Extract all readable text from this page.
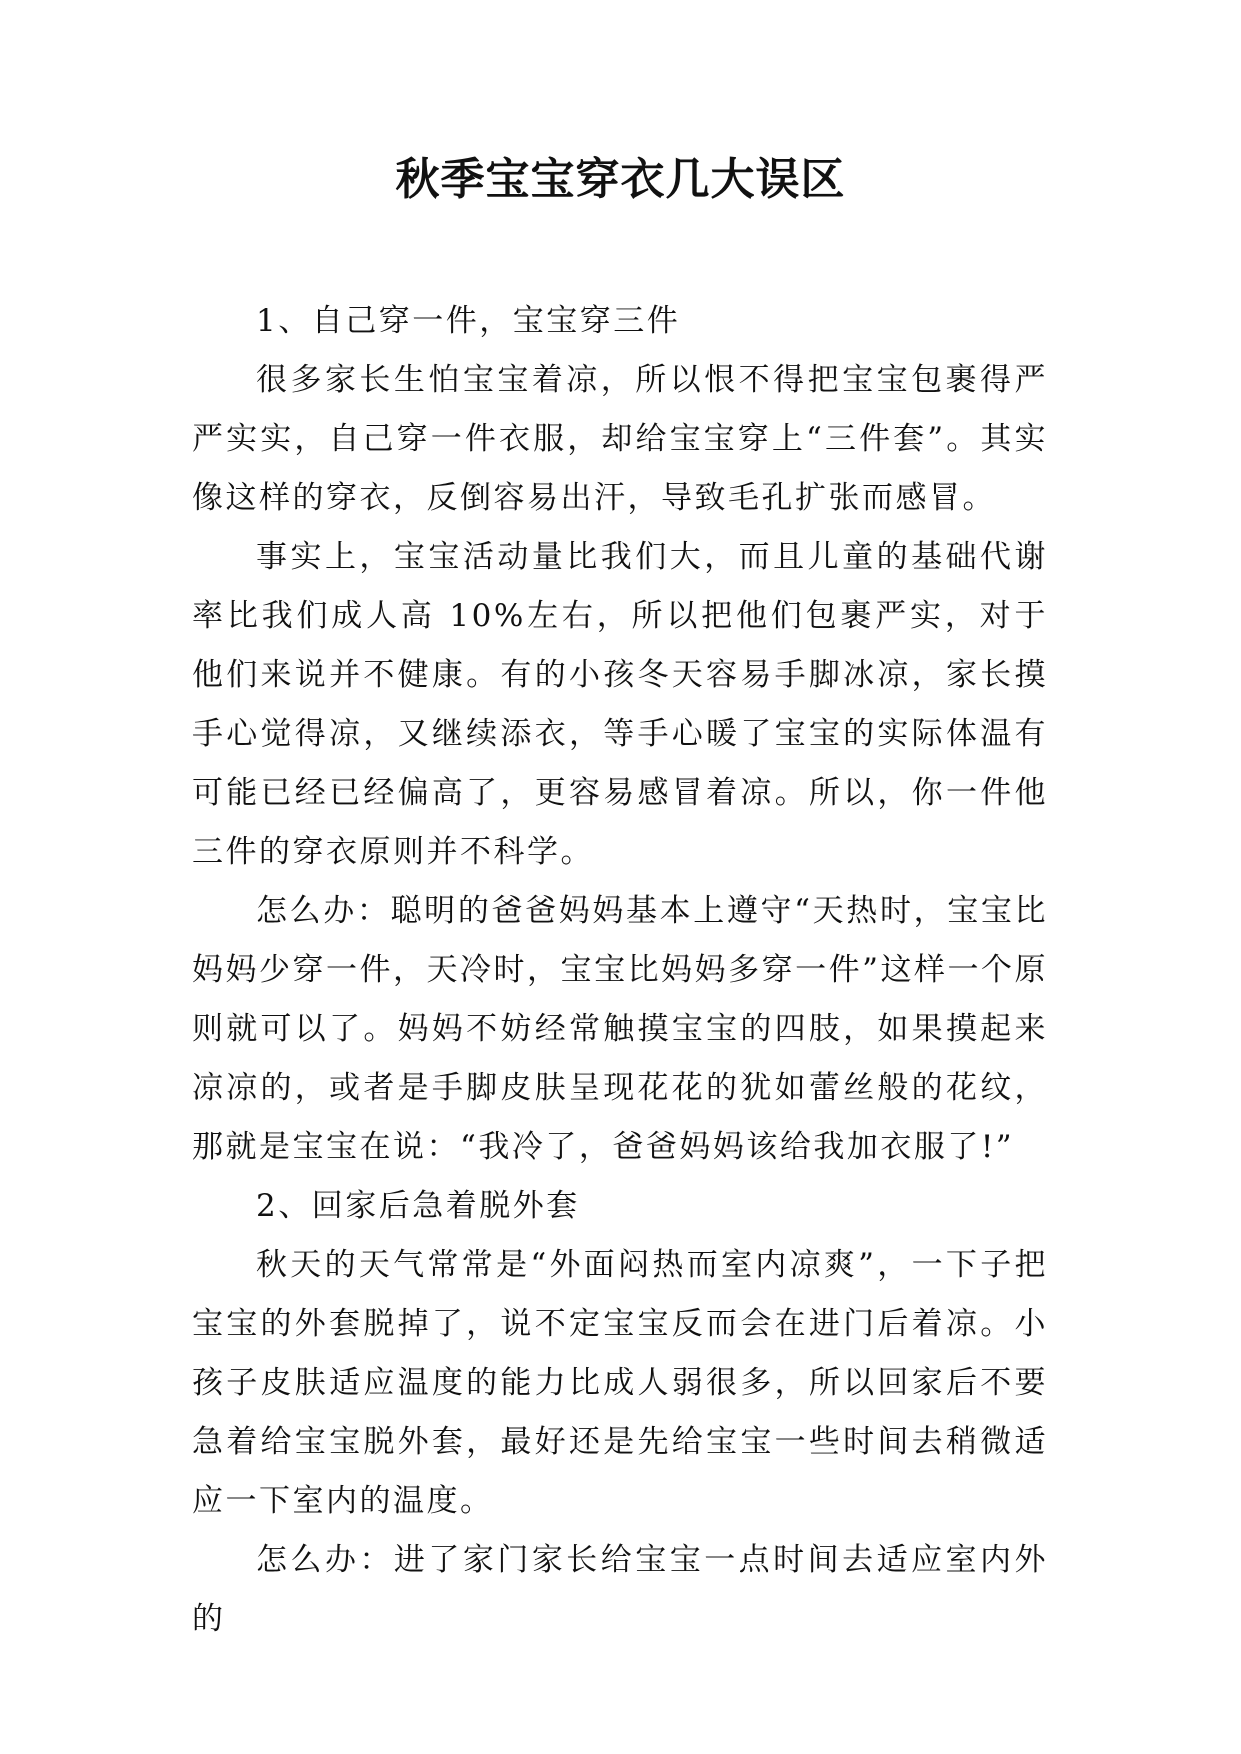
秋季宝宝穿衣几大误区

1、自己穿一件，宝宝穿三件

很多家长生怕宝宝着凉，所以恨不得把宝宝包裹得严严实实，自己穿一件衣服，却给宝宝穿上“三件套”。其实像这样的穿衣，反倒容易出汗，导致毛孔扩张而感冒。

事实上，宝宝活动量比我们大，而且儿童的基础代谢率比我们成人高 10%左右，所以把他们包裹严实，对于他们来说并不健康。有的小孩冬天容易手脚冰凉，家长摸手心觉得凉，又继续添衣，等手心暖了宝宝的实际体温有可能已经已经偏高了，更容易感冒着凉。所以，你一件他三件的穿衣原则并不科学。

怎么办：聪明的爸爸妈妈基本上遵守“天热时，宝宝比妈妈少穿一件，天冷时，宝宝比妈妈多穿一件”这样一个原则就可以了。妈妈不妨经常触摸宝宝的四肢，如果摸起来凉凉的，或者是手脚皮肤呈现花花的犹如蕾丝般的花纹，那就是宝宝在说：“我冷了，爸爸妈妈该给我加衣服了!”

2、回家后急着脱外套

秋天的天气常常是“外面闷热而室内凉爽”，一下子把宝宝的外套脱掉了，说不定宝宝反而会在进门后着凉。小孩子皮肤适应温度的能力比成人弱很多，所以回家后不要急着给宝宝脱外套，最好还是先给宝宝一些时间去稍微适应一下室内的温度。

怎么办：进了家门家长给宝宝一点时间去适应室内外的
